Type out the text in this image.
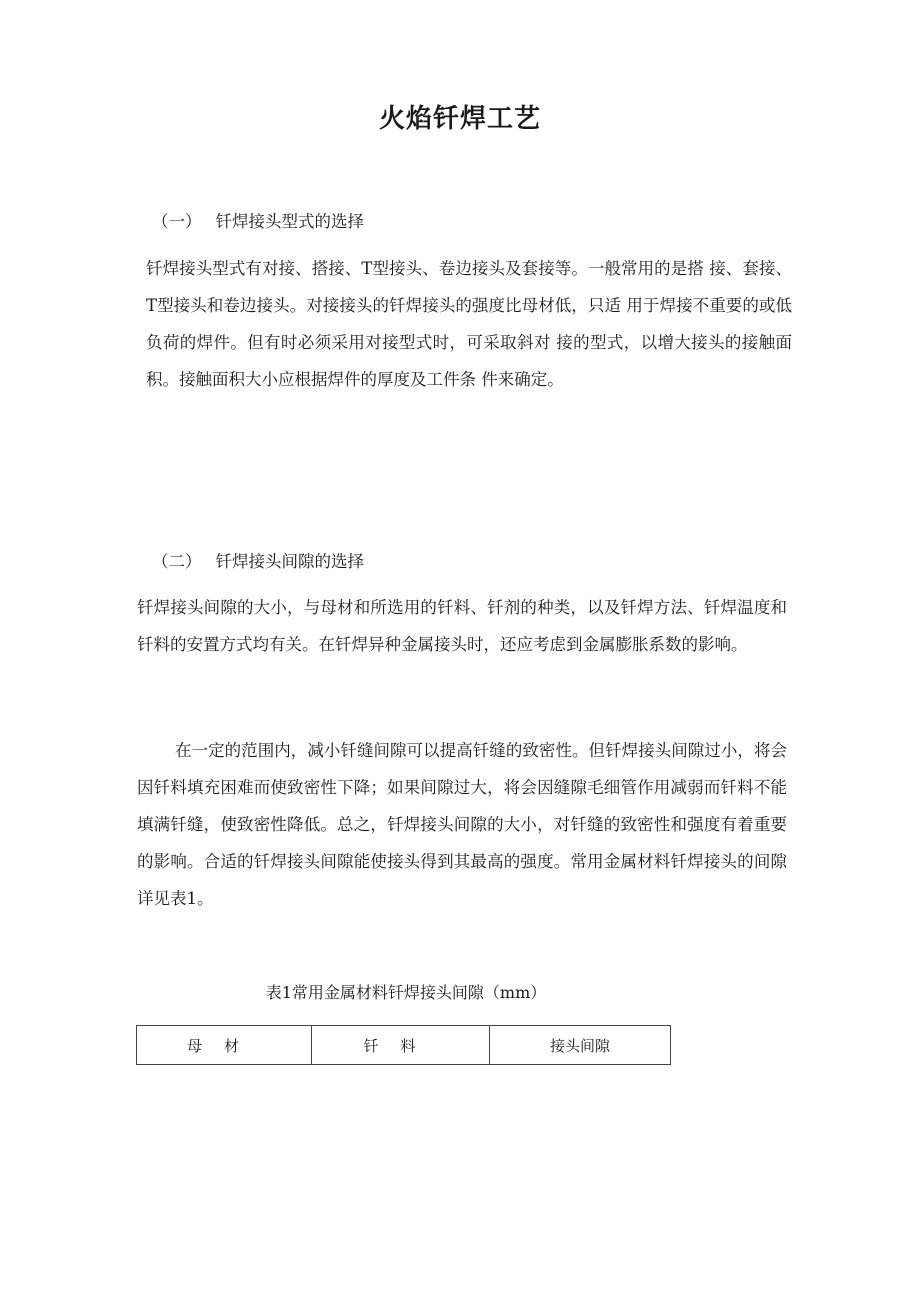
火焰钎焊工艺

（一） 钎焊接头型式的选择

钎焊接头型式有对接、搭接、T型接头、卷边接头及套接等。一般常用的是搭 接、套接、T型接头和卷边接头。对接接头的钎焊接头的强度比母材低，只适 用于焊接不重要的或低负荷的焊件。但有时必须采用对接型式时，可采取斜对 接的型式，以增大接头的接触面积。接触面积大小应根据焊件的厚度及工件条 件来确定。

（二） 钎焊接头间隙的选择

钎焊接头间隙的大小，与母材和所选用的钎料、钎剂的种类，以及钎焊方法、钎焊温度和钎料的安置方式均有关。在钎焊异种金属接头时，还应考虑到金属膨胀系数的影响。

在一定的范围内，减小钎缝间隙可以提高钎缝的致密性。但钎焊接头间隙过小，将会因钎料填充困难而使致密性下降；如果间隙过大，将会因缝隙毛细管作用减弱而钎料不能填满钎缝，使致密性降低。总之，钎焊接头间隙的大小，对钎缝的致密性和强度有着重要的影响。合适的钎焊接头间隙能使接头得到其最高的强度。常用金属材料钎焊接头的间隙详见表1。

表1常用金属材料钎焊接头间隙（mm）

母材	钎料	接头间隙
